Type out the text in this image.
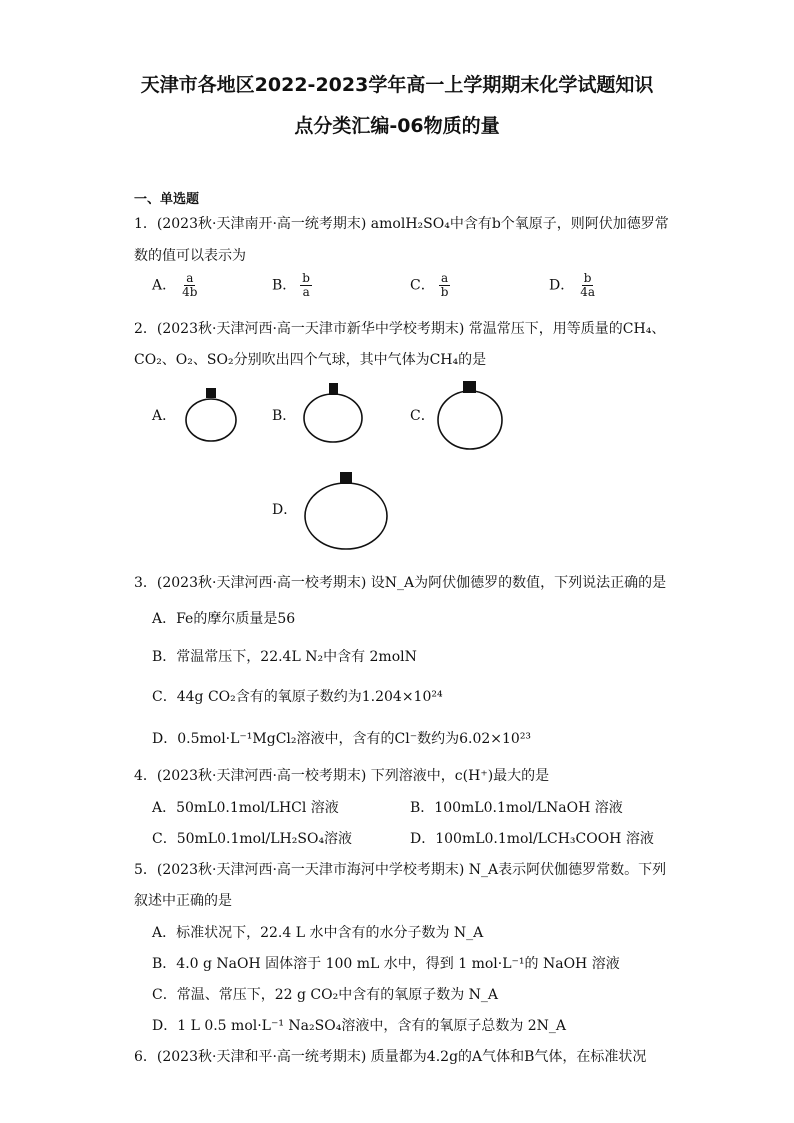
天津市各地区2022-2023学年高一上学期期末化学试题知识
点分类汇编-06物质的量
一、单选题
1．(2023秋·天津南开·高一统考期末) amolH₂SO₄中含有b个氧原子，则阿伏加德罗常
数的值可以表示为
A． $\frac{a}{4b}$	B． $\frac{b}{a}$	C． $\frac{a}{b}$	D． $\frac{b}{4a}$
2．(2023秋·天津河西·高一天津市新华中学校考期末) 常温常压下，用等质量的CH₄、
CO₂、O₂、SO₂分别吹出四个气球，其中气体为CH₄的是
A．	B．	C．
D．
3．(2023秋·天津河西·高一校考期末) 设N_A为阿伏伽德罗的数值，下列说法正确的是
A．Fe的摩尔质量是56
B．常温常压下，22.4L N₂中含有 2molN
C．44g CO₂含有的氧原子数约为1.204×10²⁴
D．0.5mol·L⁻¹MgCl₂溶液中，含有的Cl⁻数约为6.02×10²³
4．(2023秋·天津河西·高一校考期末) 下列溶液中，c(H⁺)最大的是
A．50mL0.1mol/LHCl 溶液	B．100mL0.1mol/LNaOH 溶液
C．50mL0.1mol/LH₂SO₄溶液	D．100mL0.1mol/LCH₃COOH 溶液
5．(2023秋·天津河西·高一天津市海河中学校考期末) N_A表示阿伏伽德罗常数。下列
叙述中正确的是
A．标准状况下，22.4 L 水中含有的水分子数为 N_A
B．4.0 g NaOH 固体溶于 100 mL 水中，得到 1 mol·L⁻¹的 NaOH 溶液
C．常温、常压下，22 g CO₂中含有的氧原子数为 N_A
D．1 L 0.5 mol·L⁻¹ Na₂SO₄溶液中，含有的氧原子总数为 2N_A
6．(2023秋·天津和平·高一统考期末) 质量都为4.2g的A气体和B气体，在标准状况
